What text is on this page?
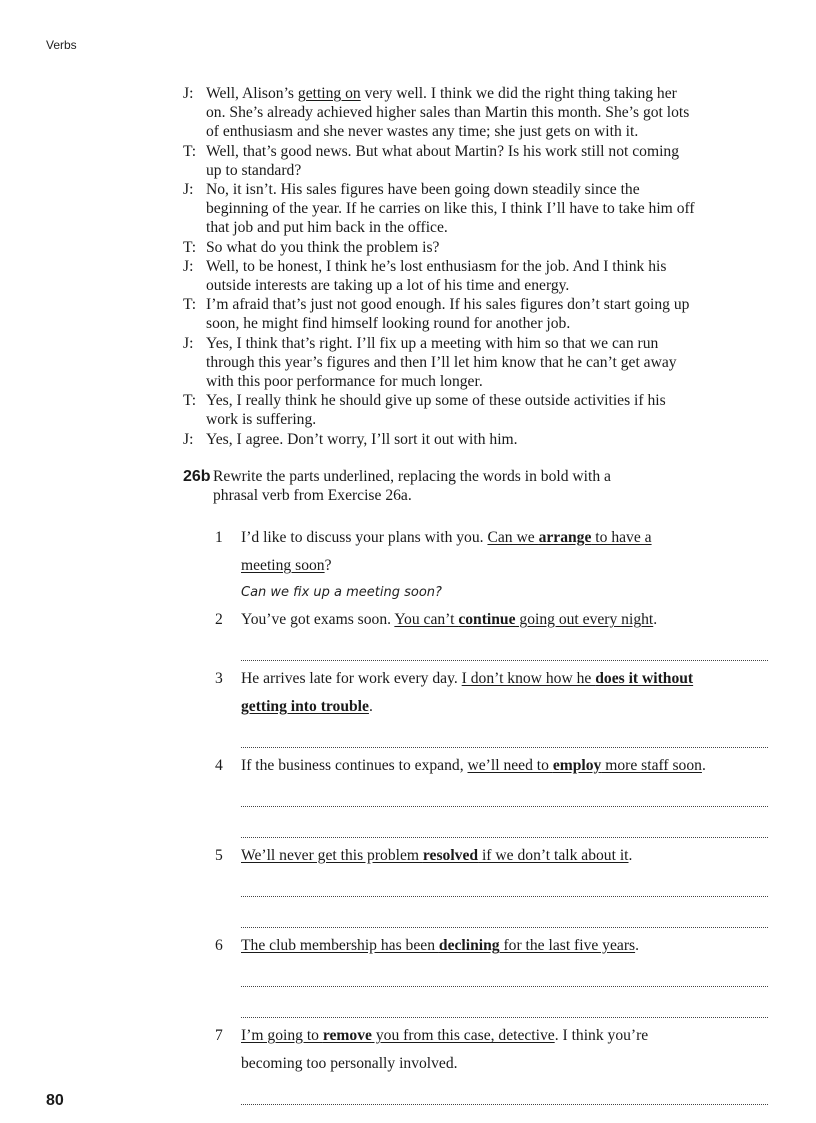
Verbs
J: Well, Alison’s getting on very well. I think we did the right thing taking her
on. She’s already achieved higher sales than Martin this month. She’s got lots
of enthusiasm and she never wastes any time; she just gets on with it.
T: Well, that’s good news. But what about Martin? Is his work still not coming
up to standard?
J: No, it isn’t. His sales figures have been going down steadily since the
beginning of the year. If he carries on like this, I think I’ll have to take him off
that job and put him back in the office.
T: So what do you think the problem is?
J: Well, to be honest, I think he’s lost enthusiasm for the job. And I think his
outside interests are taking up a lot of his time and energy.
T: I’m afraid that’s just not good enough. If his sales figures don’t start going up
soon, he might find himself looking round for another job.
J: Yes, I think that’s right. I’ll fix up a meeting with him so that we can run
through this year’s figures and then I’ll let him know that he can’t get away
with this poor performance for much longer.
T: Yes, I really think he should give up some of these outside activities if his
work is suffering.
J: Yes, I agree. Don’t worry, I’ll sort it out with him.
26b Rewrite the parts underlined, replacing the words in bold with a
phrasal verb from Exercise 26a.
1 I’d like to discuss your plans with you. Can we arrange to have a
meeting soon?
Can we fix up a meeting soon?
2 You’ve got exams soon. You can’t continue going out every night.
3 He arrives late for work every day. I don’t know how he does it without
getting into trouble.
4 If the business continues to expand, we’ll need to employ more staff soon.
5 We’ll never get this problem resolved if we don’t talk about it.
6 The club membership has been declining for the last five years.
7 I’m going to remove you from this case, detective. I think you’re
becoming too personally involved.
80
